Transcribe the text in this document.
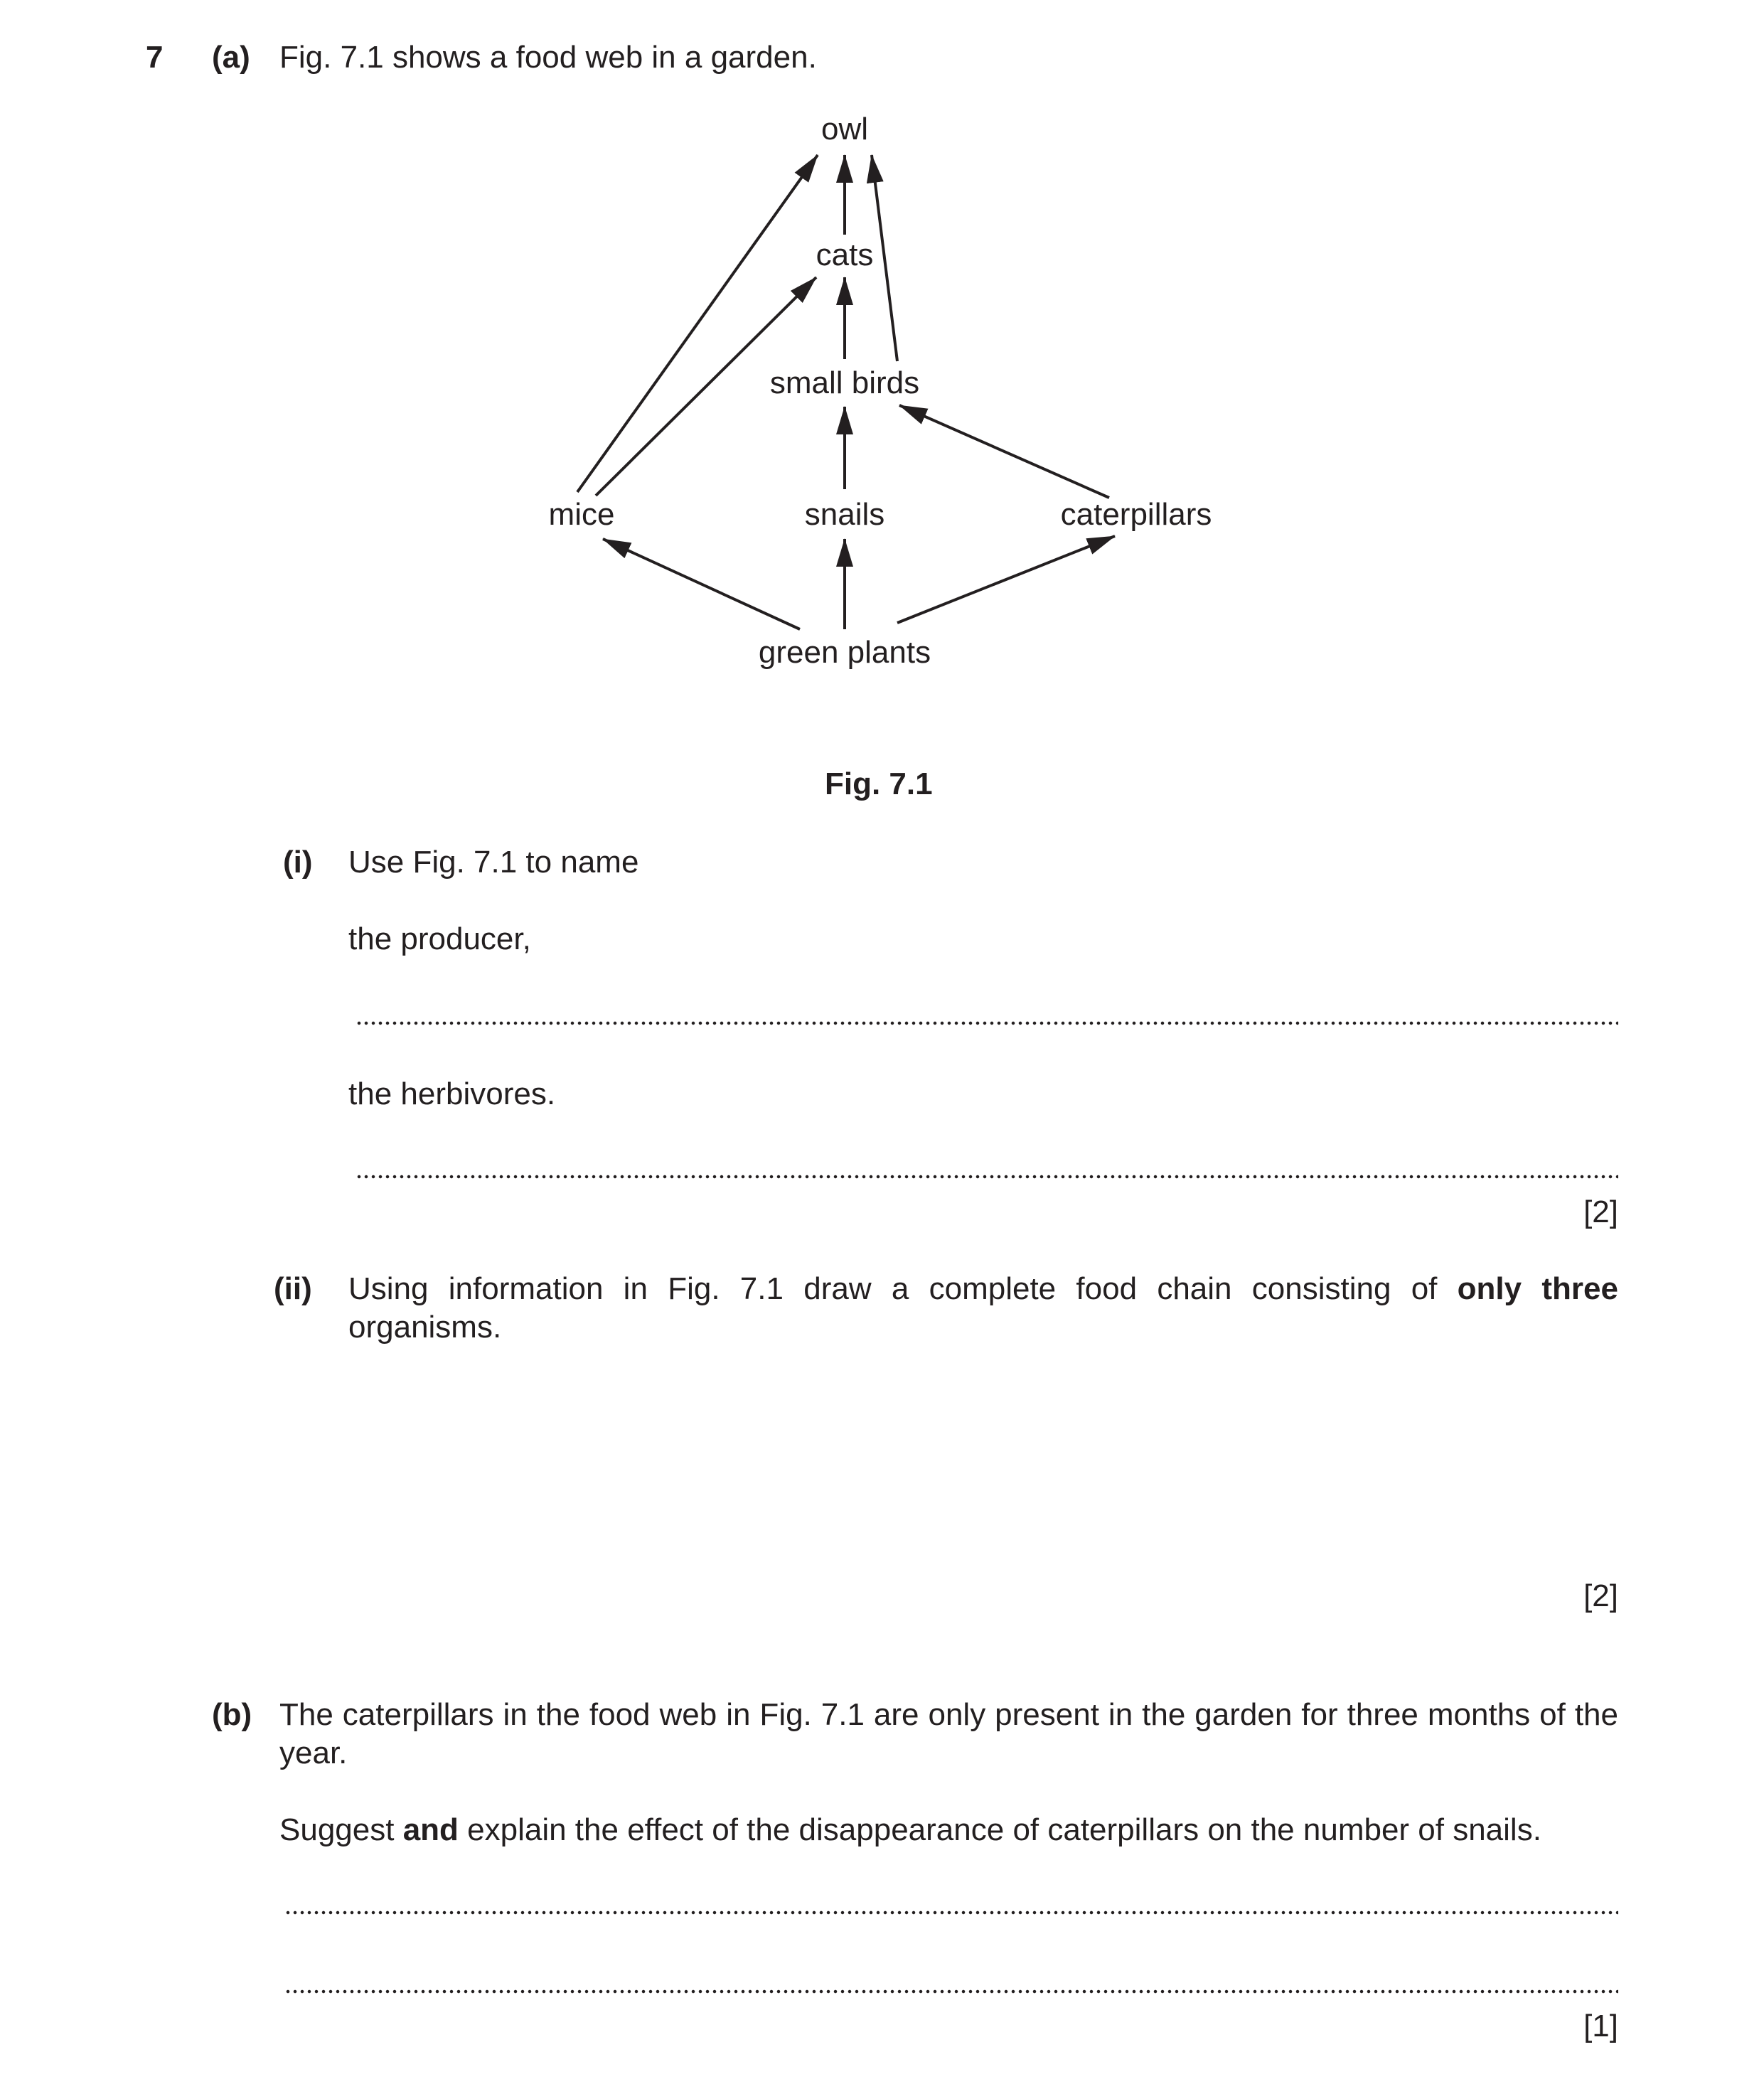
7 (a) Fig. 7.1 shows a food web in a garden.
owl
cats
small birds
mice	snails	caterpillars
green plants
Fig. 7.1
(i) Use Fig. 7.1 to name
the producer,
the herbivores.
[2]
(ii) Using information in Fig. 7.1 draw a complete food chain consisting of only three organisms.
[2]
(b) The caterpillars in the food web in Fig. 7.1 are only present in the garden for three months of the year.
Suggest and explain the effect of the disappearance of caterpillars on the number of snails.
[1]
